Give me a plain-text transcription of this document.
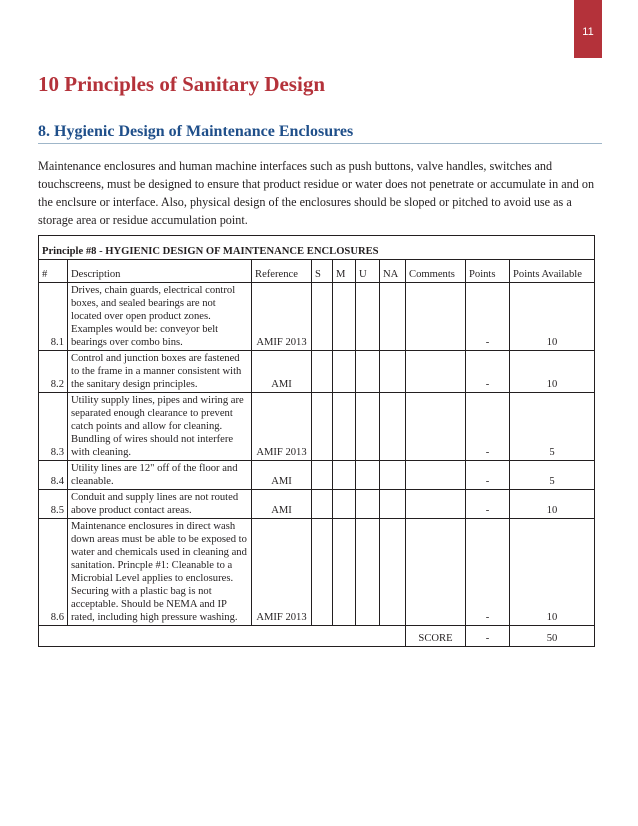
11
10 Principles of Sanitary Design
8. Hygienic Design of Maintenance Enclosures

Maintenance enclosures and human machine interfaces such as push buttons, valve handles, switches and touchscreens, must be designed to ensure that product residue or water does not penetrate or accumulate in and on the enclsure or interface. Also, physical design of the enclosures should be sloped or pitched to avoid use as a storage area or residue accumulation point.

Principle #8 - HYGIENIC DESIGN OF MAINTENANCE ENCLOSURES									
#	Description	Reference	S	M	U	NA	Comments	Points	Points Available
8.1	Drives, chain guards, electrical control boxes, and sealed bearings are not located over open product zones. Examples would be: conveyor belt bearings over combo bins.	AMIF 2013						-	10
8.2	Control and junction boxes are fastened to the frame in a manner consistent with the sanitary design principles.	AMI						-	10
8.3	Utility supply lines, pipes and wiring are separated enough clearance to prevent catch points and allow for cleaning. Bundling of wires should not interfere with cleaning.	AMIF 2013						-	5
8.4	Utility lines are 12" off of the floor and cleanable.	AMI						-	5
8.5	Conduit and supply lines are not routed above product contact areas.	AMI						-	10
8.6	Maintenance enclosures in direct wash down areas must be able to be exposed to water and chemicals used in cleaning and sanitation. Princple #1: Cleanable to a Microbial Level applies to enclosures. Securing with a plastic bag is not acceptable. Should be NEMA and IP rated, including high pressure washing.	AMIF 2013						-	10
							SCORE	-	50
